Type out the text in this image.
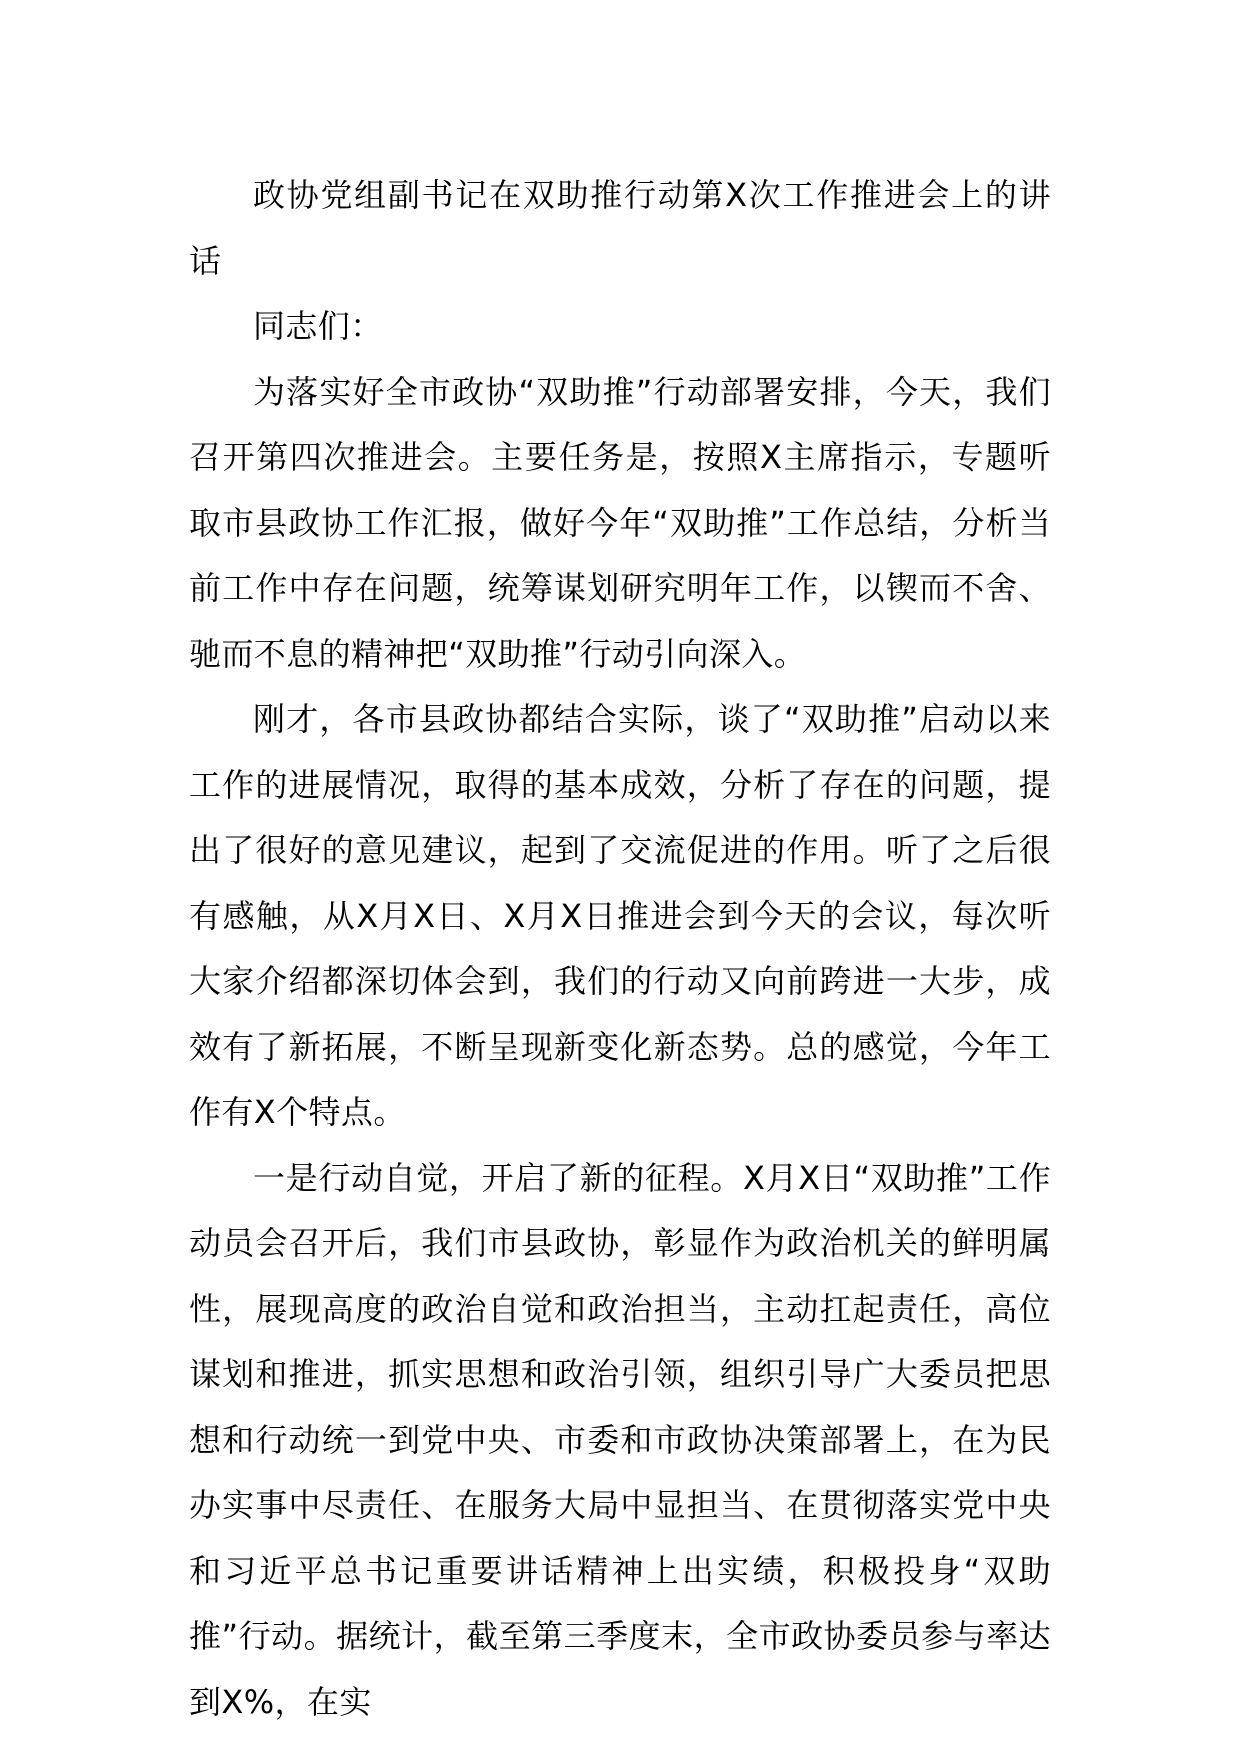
政协党组副书记在双助推行动第X次工作推进会上的讲话

同志们：

为落实好全市政协“双助推”行动部署安排，今天，我们召开第四次推进会。主要任务是，按照X主席指示，专题听取市县政协工作汇报，做好今年“双助推”工作总结，分析当前工作中存在问题，统筹谋划研究明年工作，以锲而不舍、驰而不息的精神把“双助推”行动引向深入。

刚才，各市县政协都结合实际，谈了“双助推”启动以来工作的进展情况，取得的基本成效，分析了存在的问题，提出了很好的意见建议，起到了交流促进的作用。听了之后很有感触，从X月X日、X月X日推进会到今天的会议，每次听大家介绍都深切体会到，我们的行动又向前跨进一大步，成效有了新拓展，不断呈现新变化新态势。总的感觉，今年工作有X个特点。

一是行动自觉，开启了新的征程。X月X日“双助推”工作动员会召开后，我们市县政协，彰显作为政治机关的鲜明属性，展现高度的政治自觉和政治担当，主动扛起责任，高位谋划和推进，抓实思想和政治引领，组织引导广大委员把思想和行动统一到党中央、市委和市政协决策部署上，在为民办实事中尽责任、在服务大局中显担当、在贯彻落实党中央和习近平总书记重要讲话精神上出实绩，积极投身“双助推”行动。据统计，截至第三季度末，全市政协委员参与率达到X%，在实
